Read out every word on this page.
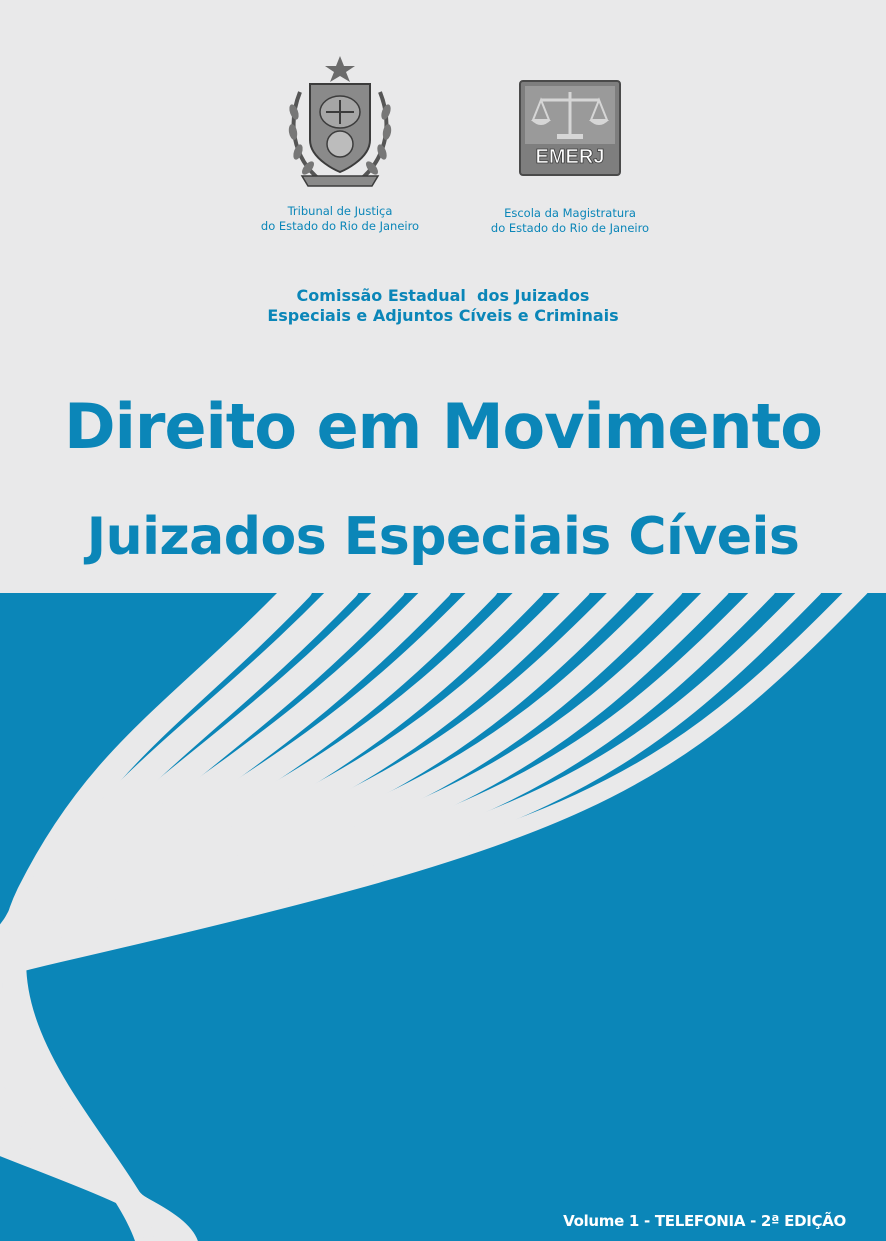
Tribunal de Justiça
do Estado do Rio de Janeiro
EMERJ
Escola da Magistratura
do Estado do Rio de Janeiro
Comissão Estadual  dos Juizados
Especiais e Adjuntos Cíveis e Criminais
Direito em Movimento
Juizados Especiais Cíveis
Volume 1 - TELEFONIA - 2ª EDIÇÃO
